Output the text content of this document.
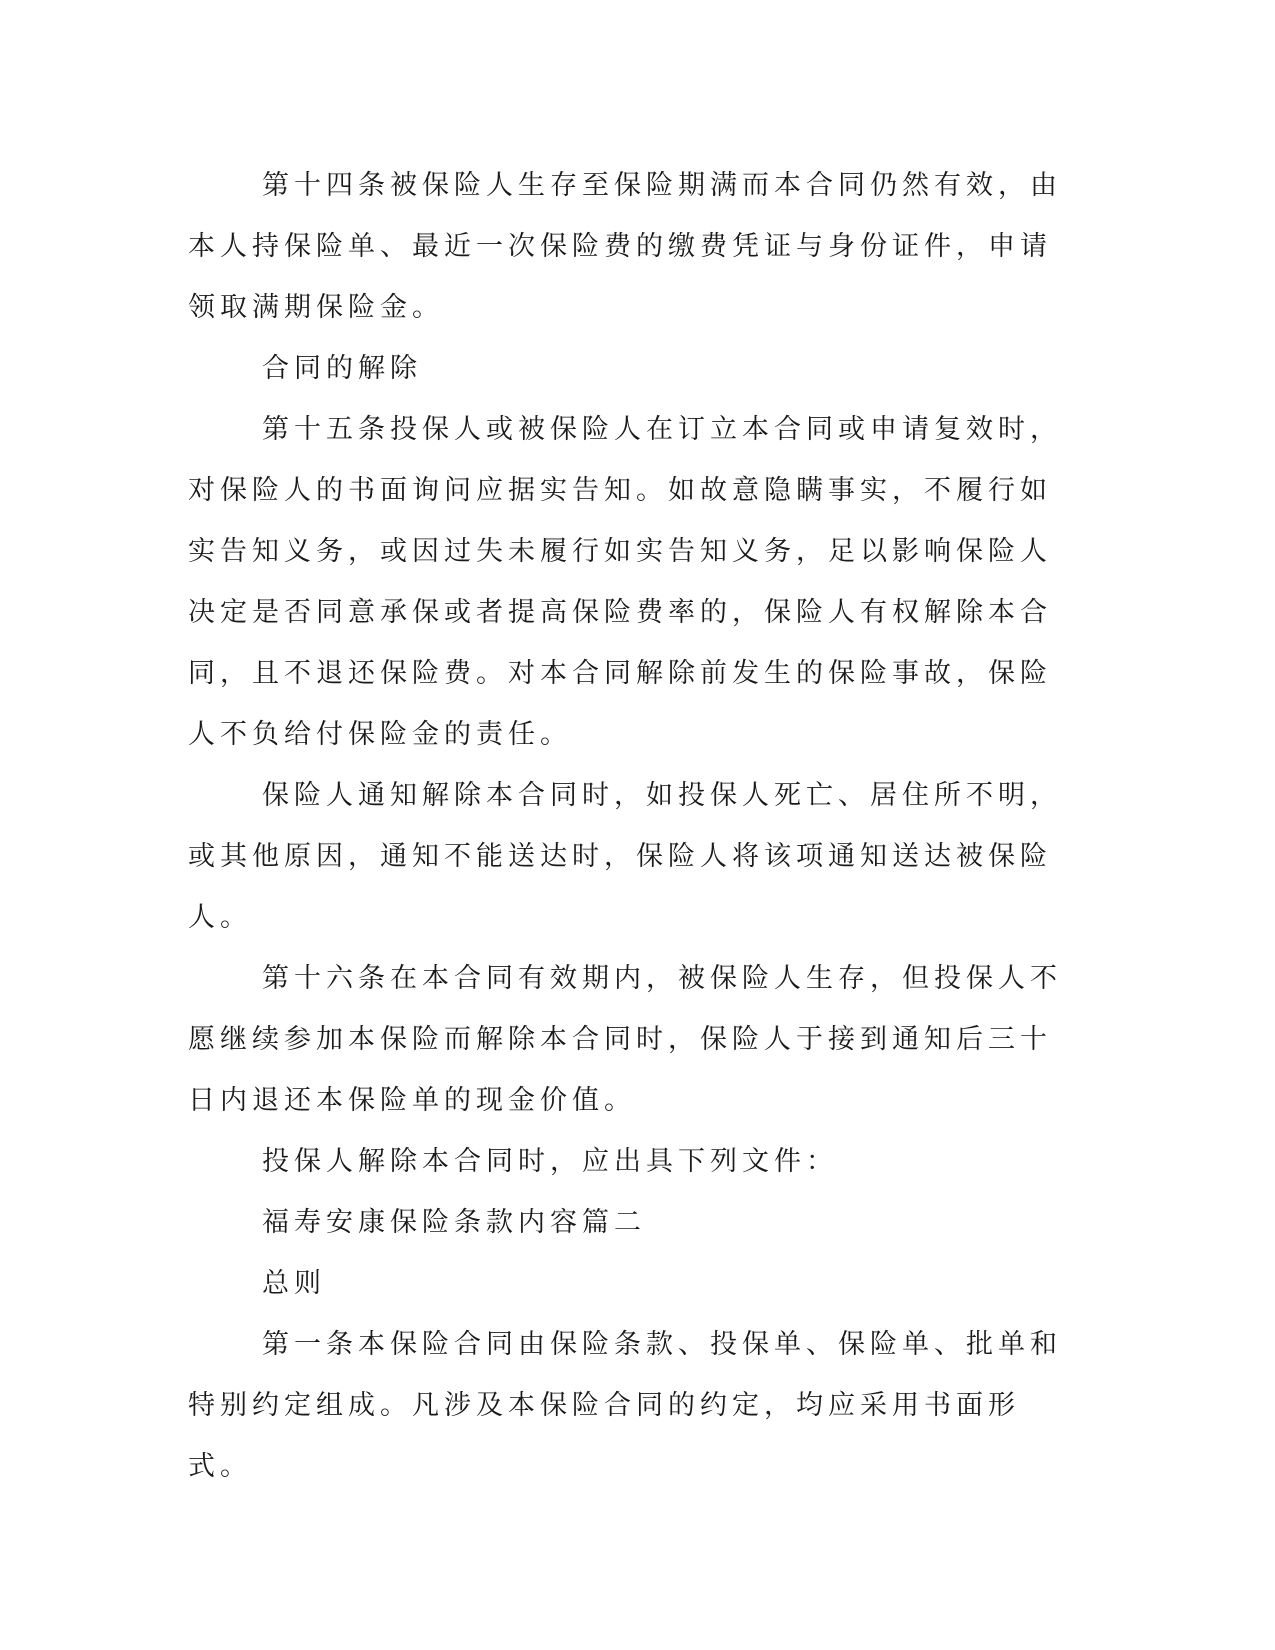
第十四条被保险人生存至保险期满而本合同仍然有效，由本人持保险单、最近一次保险费的缴费凭证与身份证件，申请领取满期保险金。

合同的解除

第十五条投保人或被保险人在订立本合同或申请复效时，对保险人的书面询问应据实告知。如故意隐瞒事实，不履行如实告知义务，或因过失未履行如实告知义务，足以影响保险人决定是否同意承保或者提高保险费率的，保险人有权解除本合同，且不退还保险费。对本合同解除前发生的保险事故，保险人不负给付保险金的责任。

保险人通知解除本合同时，如投保人死亡、居住所不明，或其他原因，通知不能送达时，保险人将该项通知送达被保险人。

第十六条在本合同有效期内，被保险人生存，但投保人不愿继续参加本保险而解除本合同时，保险人于接到通知后三十日内退还本保险单的现金价值。

投保人解除本合同时，应出具下列文件：

福寿安康保险条款内容篇二

总则

第一条本保险合同由保险条款、投保单、保险单、批单和特别约定组成。凡涉及本保险合同的约定，均应采用书面形式。
